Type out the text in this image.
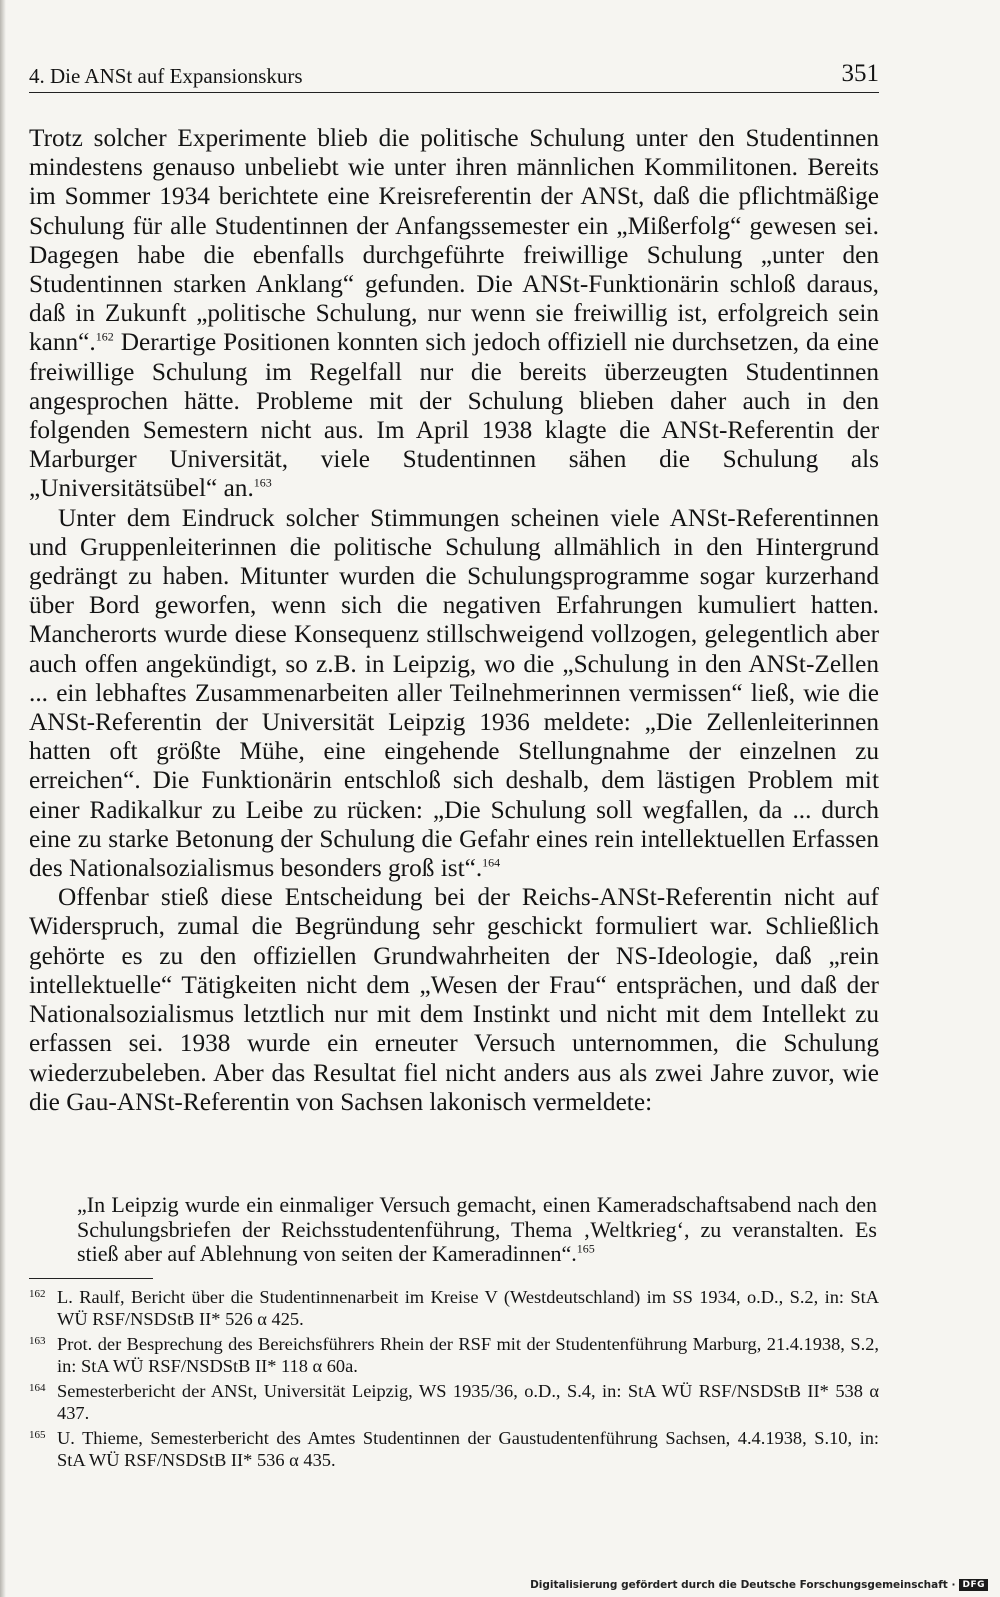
4. Die ANSt auf Expansionskurs	351

Trotz solcher Experimente blieb die politische Schulung unter den Studentinnen mindestens genauso unbeliebt wie unter ihren männlichen Kommilitonen. Bereits im Sommer 1934 berichtete eine Kreisreferentin der ANSt, daß die pflichtmäßige Schulung für alle Studentinnen der Anfangssemester ein „Mißerfolg“ gewesen sei. Dagegen habe die ebenfalls durchgeführte freiwillige Schulung „unter den Studentinnen starken Anklang“ gefunden. Die ANSt-Funktionärin schloß daraus, daß in Zukunft „politische Schulung, nur wenn sie freiwillig ist, erfolgreich sein kann“.$^{162}$ Derartige Positionen konnten sich jedoch offiziell nie durchsetzen, da eine freiwillige Schulung im Regelfall nur die bereits überzeugten Studentinnen angesprochen hätte. Probleme mit der Schulung blieben daher auch in den folgenden Semestern nicht aus. Im April 1938 klagte die ANSt-Referentin der Marburger Universität, viele Studentinnen sähen die Schulung als „Universitätsübel“ an.$^{163}$

Unter dem Eindruck solcher Stimmungen scheinen viele ANSt-Referentinnen und Gruppenleiterinnen die politische Schulung allmählich in den Hintergrund gedrängt zu haben. Mitunter wurden die Schulungsprogramme sogar kurzerhand über Bord geworfen, wenn sich die negativen Erfahrungen kumuliert hatten. Mancherorts wurde diese Konsequenz stillschweigend vollzogen, gelegentlich aber auch offen angekündigt, so z.B. in Leipzig, wo die „Schulung in den ANSt-Zellen ... ein lebhaftes Zusammenarbeiten aller Teilnehmerinnen vermissen“ ließ, wie die ANSt-Referentin der Universität Leipzig 1936 meldete: „Die Zellenleiterinnen hatten oft größte Mühe, eine eingehende Stellungnahme der einzelnen zu erreichen“. Die Funktionärin entschloß sich deshalb, dem lästigen Problem mit einer Radikalkur zu Leibe zu rücken: „Die Schulung soll wegfallen, da ... durch eine zu starke Betonung der Schulung die Gefahr eines rein intellektuellen Erfassen des Nationalsozialismus besonders groß ist“.$^{164}$

Offenbar stieß diese Entscheidung bei der Reichs-ANSt-Referentin nicht auf Widerspruch, zumal die Begründung sehr geschickt formuliert war. Schließlich gehörte es zu den offiziellen Grundwahrheiten der NS-Ideologie, daß „rein intellektuelle“ Tätigkeiten nicht dem „Wesen der Frau“ entsprächen, und daß der Nationalsozialismus letztlich nur mit dem Instinkt und nicht mit dem Intellekt zu erfassen sei. 1938 wurde ein erneuter Versuch unternommen, die Schulung wiederzubeleben. Aber das Resultat fiel nicht anders aus als zwei Jahre zuvor, wie die Gau-ANSt-Referentin von Sachsen lakonisch vermeldete:

„In Leipzig wurde ein einmaliger Versuch gemacht, einen Kameradschaftsabend nach den Schulungsbriefen der Reichsstudentenführung, Thema ‚Weltkrieg‘, zu veranstalten. Es stieß aber auf Ablehnung von seiten der Kameradinnen“.$^{165}$

162 L. Raulf, Bericht über die Studentinnenarbeit im Kreise V (Westdeutschland) im SS 1934, o.D., S.2, in: StA WÜ RSF/NSDStB II* 526 α 425.
163 Prot. der Besprechung des Bereichsführers Rhein der RSF mit der Studentenführung Marburg, 21.4.1938, S.2, in: StA WÜ RSF/NSDStB II* 118 α 60a.
164 Semesterbericht der ANSt, Universität Leipzig, WS 1935/36, o.D., S.4, in: StA WÜ RSF/NSDStB II* 538 α 437.
165 U. Thieme, Semesterbericht des Amtes Studentinnen der Gaustudentenführung Sachsen, 4.4.1938, S.10, in: StA WÜ RSF/NSDStB II* 536 α 435.
Digitalisierung gefördert durch die Deutsche Forschungsgemeinschaft · DFG
